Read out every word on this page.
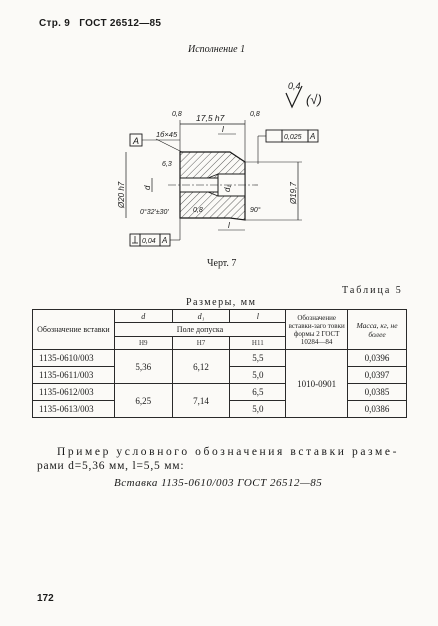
Стр. 9 ГОСТ 26512—85
Исполнение 1
0,4
(√)
17,5 h7	0,8
0,8
1б×45
l
A	0,025 A
Ø20 h7 d
6,3
d₁	Ø19,7
0°32'±30'	90°
0,8
0,04 A
l
Черт. 7
Таблица 5
Размеры, мм
Обозначение вставки	d	d₁	l	Обозначение вставки-заго товки формы 2 ГОСТ 10284—84	Масса, кг, не более
	Поле допуска				
	H9	H7	H11		
1135-0610/003	5,36	6,12	5,5	1010-0901	0,0396
1135-0611/003			5,0		0,0397
1135-0612/003	6,25	7,14	6,5		0,0385
1135-0613/003			5,0		0,0386
Пример условного обозначения вставки разме-
рами d=5,36 мм, l=5,5 мм:
Вставка 1135-0610/003 ГОСТ 26512—85
172
